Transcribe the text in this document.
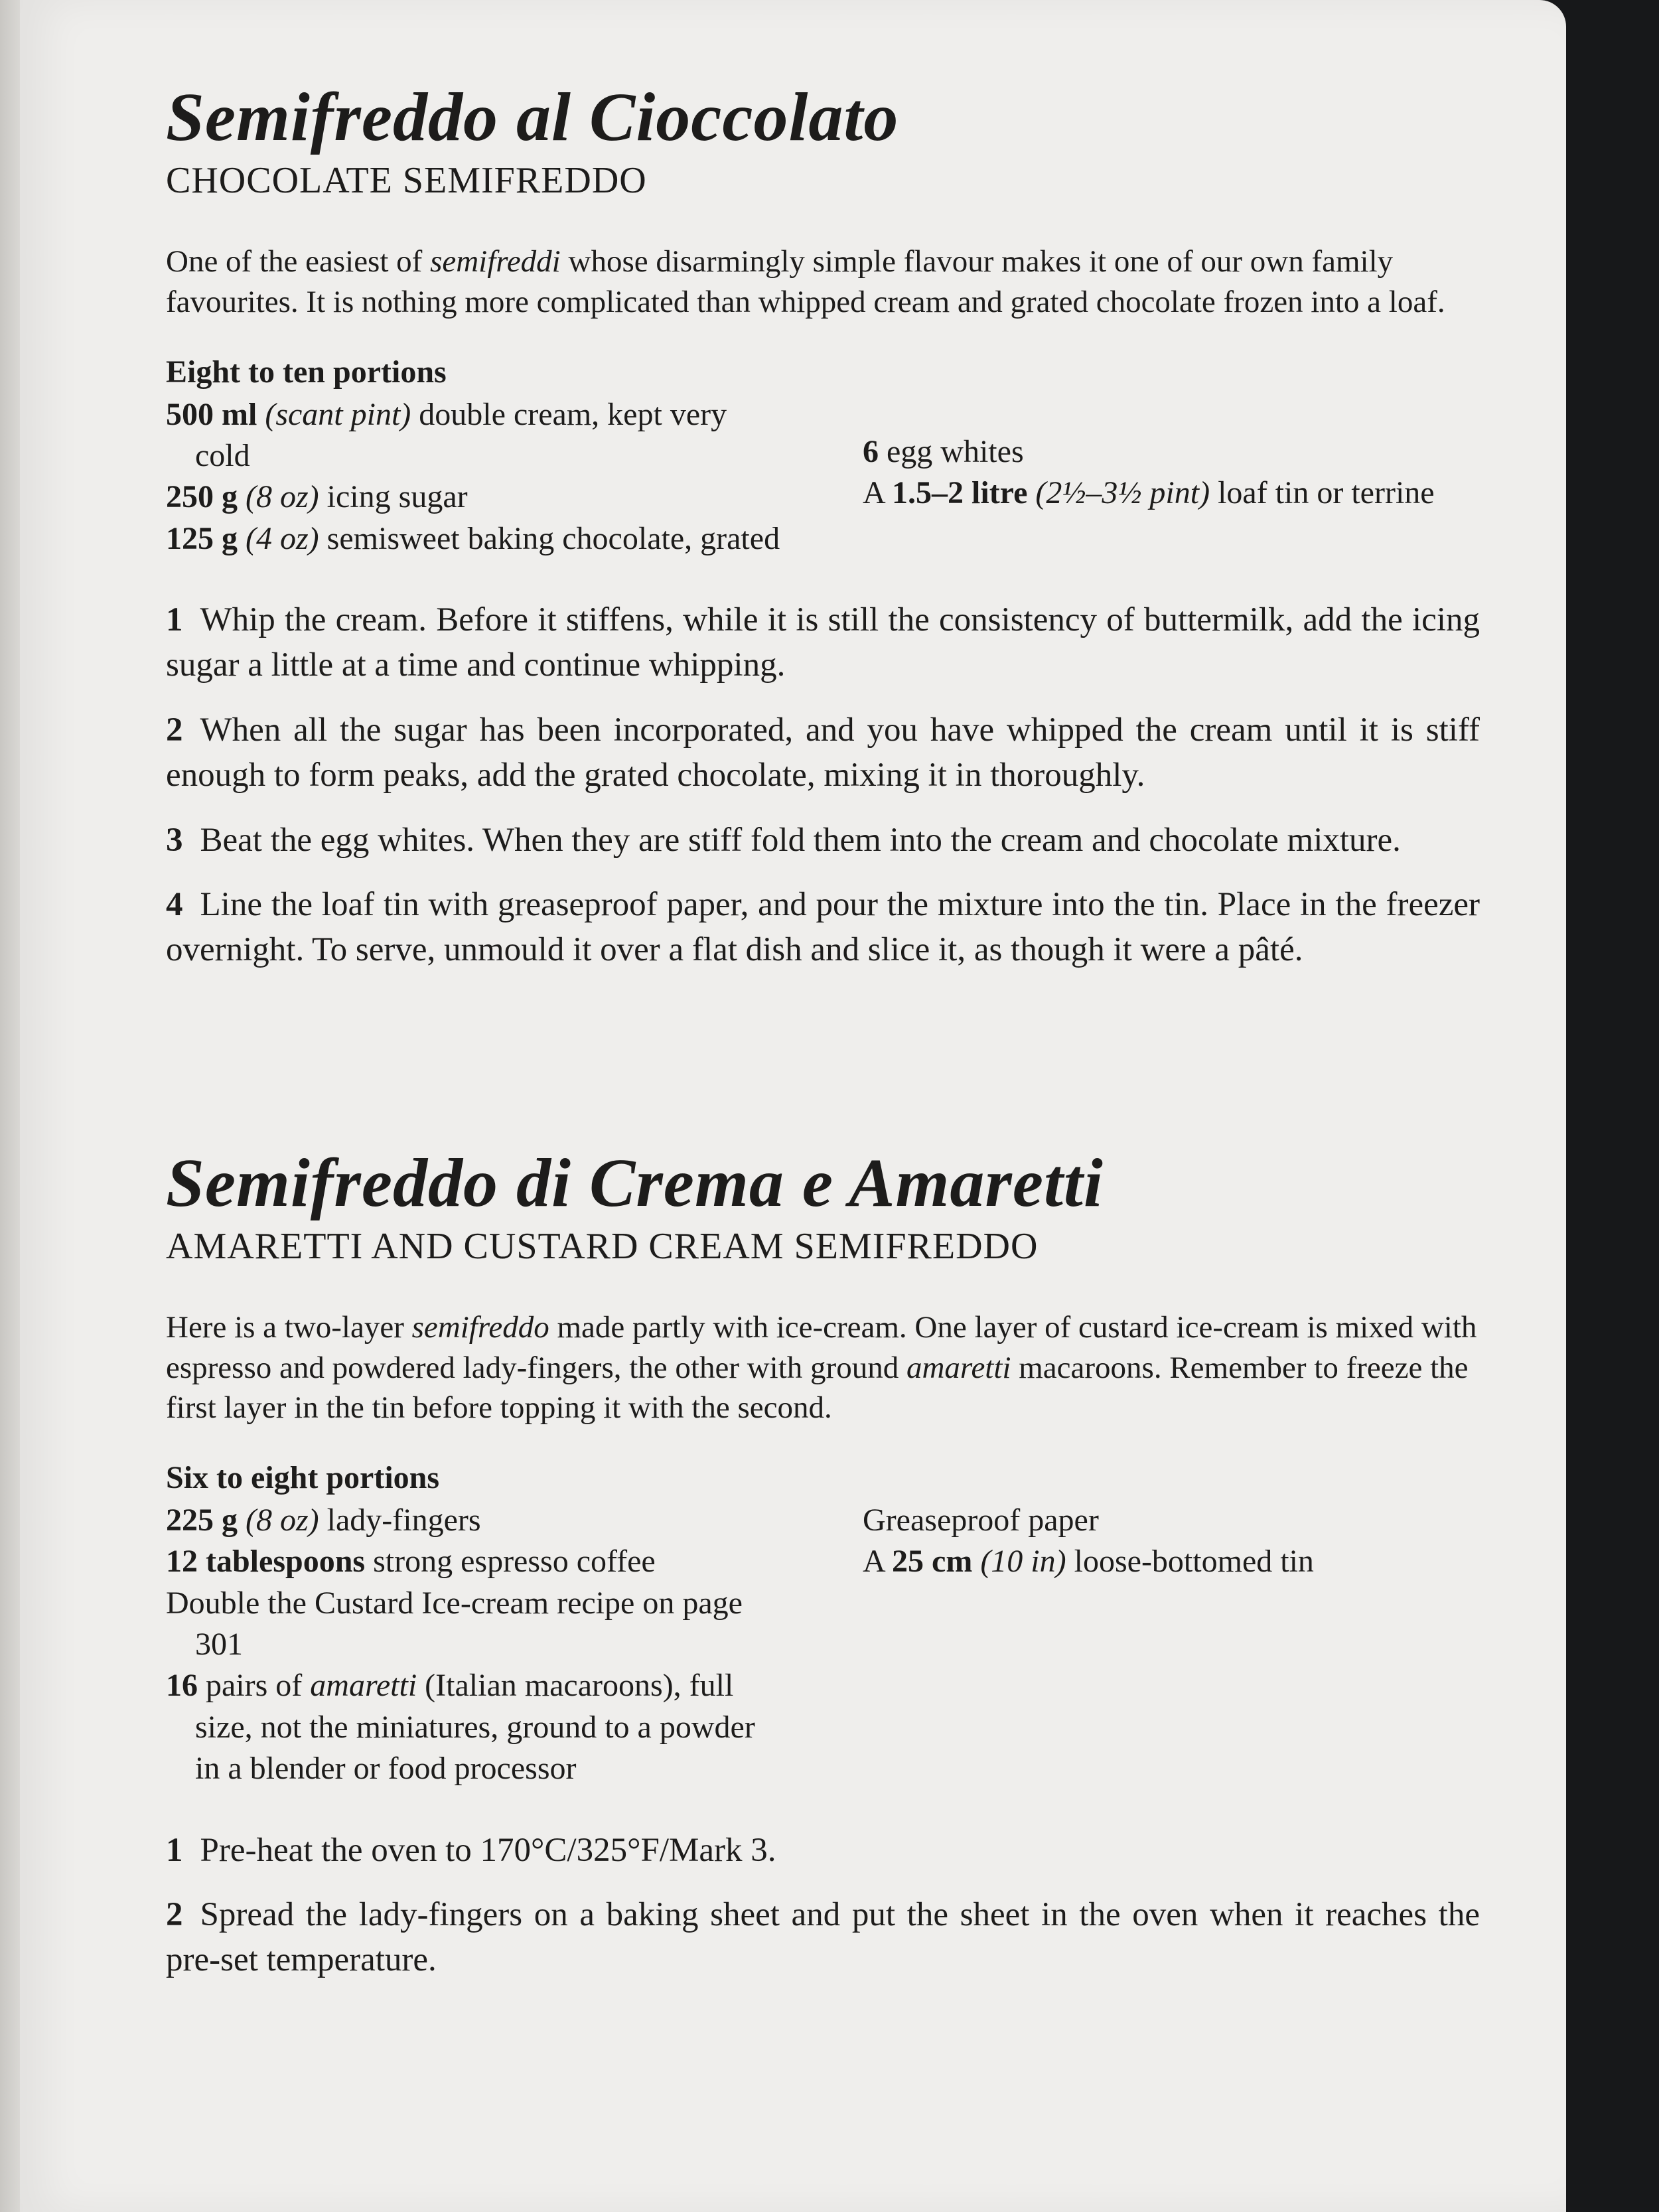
Semifreddo al Cioccolato

CHOCOLATE SEMIFREDDO

One of the easiest of semifreddi whose disarmingly simple flavour makes it one of our own family favourites. It is nothing more complicated than whipped cream and grated chocolate frozen into a loaf.

Eight to ten portions

500 ml (scant pint) double cream, kept very cold

250 g (8 oz) icing sugar

125 g (4 oz) semisweet baking chocolate, grated

6 egg whites

A 1.5–2 litre (2½–3½ pint) loaf tin or terrine

1 Whip the cream. Before it stiffens, while it is still the consistency of buttermilk, add the icing sugar a little at a time and continue whipping.

2 When all the sugar has been incorporated, and you have whipped the cream until it is stiff enough to form peaks, add the grated chocolate, mixing it in thoroughly.

3 Beat the egg whites. When they are stiff fold them into the cream and chocolate mixture.

4 Line the loaf tin with greaseproof paper, and pour the mixture into the tin. Place in the freezer overnight. To serve, unmould it over a flat dish and slice it, as though it were a pâté.

Semifreddo di Crema e Amaretti

AMARETTI AND CUSTARD CREAM SEMIFREDDO

Here is a two-layer semifreddo made partly with ice-cream. One layer of custard ice-cream is mixed with espresso and powdered lady-fingers, the other with ground amaretti macaroons. Remember to freeze the first layer in the tin before topping it with the second.

Six to eight portions

225 g (8 oz) lady-fingers

12 tablespoons strong espresso coffee

Double the Custard Ice-cream recipe on page 301

16 pairs of amaretti (Italian macaroons), full size, not the miniatures, ground to a powder in a blender or food processor

Greaseproof paper

A 25 cm (10 in) loose-bottomed tin

1 Pre-heat the oven to 170°C/325°F/Mark 3.

2 Spread the lady-fingers on a baking sheet and put the sheet in the oven when it reaches the pre-set temperature.
